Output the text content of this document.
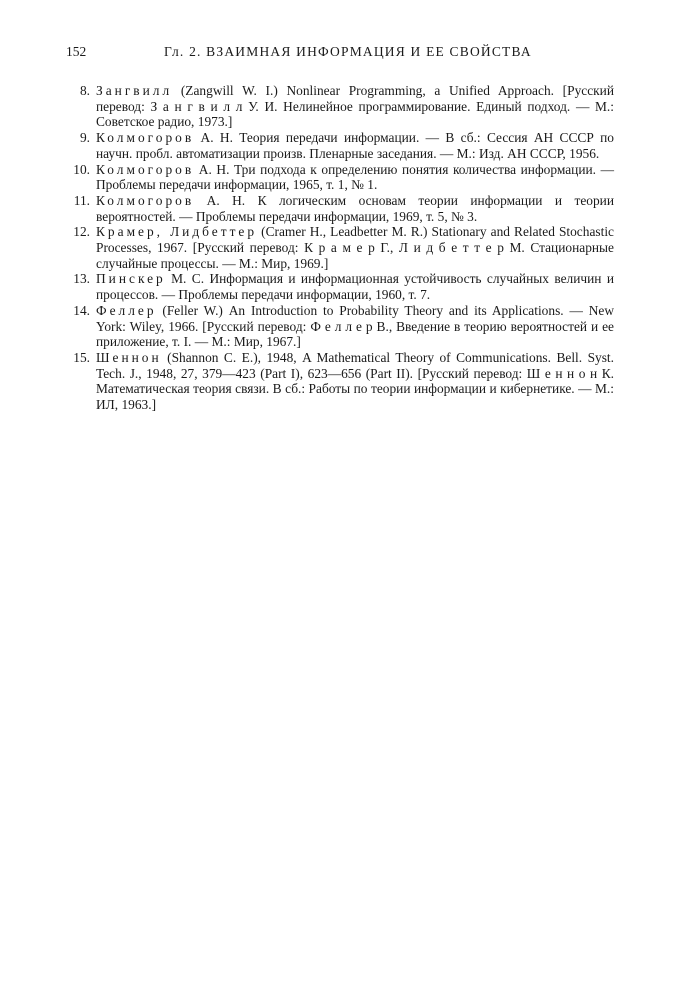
152	Гл. 2. ВЗАИМНАЯ ИНФОРМАЦИЯ И ЕЕ СВОЙСТВА
8. Зангвилл (Zangwill W. I.) Nonlinear Programming, a Unified Approach. [Русский перевод: З а н г в и л л У. И. Нелинейное программирование. Единый подход. — М.: Советское радио, 1973.]
9. Колмогоров А. Н. Теория передачи информации. — В сб.: Сессия АН СССР по научн. пробл. автоматизации произв. Пленарные заседания. — М.: Изд. АН СССР, 1956.
10. Колмогоров А. Н. Три подхода к определению понятия количества информации. — Проблемы передачи информации, 1965, т. 1, № 1.
11. Колмогоров А. Н. К логическим основам теории информации и теории вероятностей. — Проблемы передачи информации, 1969, т. 5, № 3.
12. Крамер, Лидбеттер (Cramer H., Leadbetter M. R.) Stationary and Related Stochastic Processes, 1967. [Русский перевод: К р а м е р Г., Л и д б е т т е р М. Стационарные случайные процессы. — М.: Мир, 1969.]
13. Пинскер М. С. Информация и информационная устойчивость случайных величин и процессов. — Проблемы передачи информации, 1960, т. 7.
14. Феллер (Feller W.) An Introduction to Probability Theory and its Applications. — New York: Wiley, 1966. [Русский перевод: Ф е л л е р В., Введение в теорию вероятностей и ее приложение, т. I. — М.: Мир, 1967.]
15. Шеннон (Shannon C. E.), 1948, A Mathematical Theory of Communications. Bell. Syst. Tech. J., 1948, 27, 379—423 (Part I), 623—656 (Part II). [Русский перевод: Ш е н н о н К. Математическая теория связи. В сб.: Работы по теории информации и кибернетике. — М.: ИЛ, 1963.]
